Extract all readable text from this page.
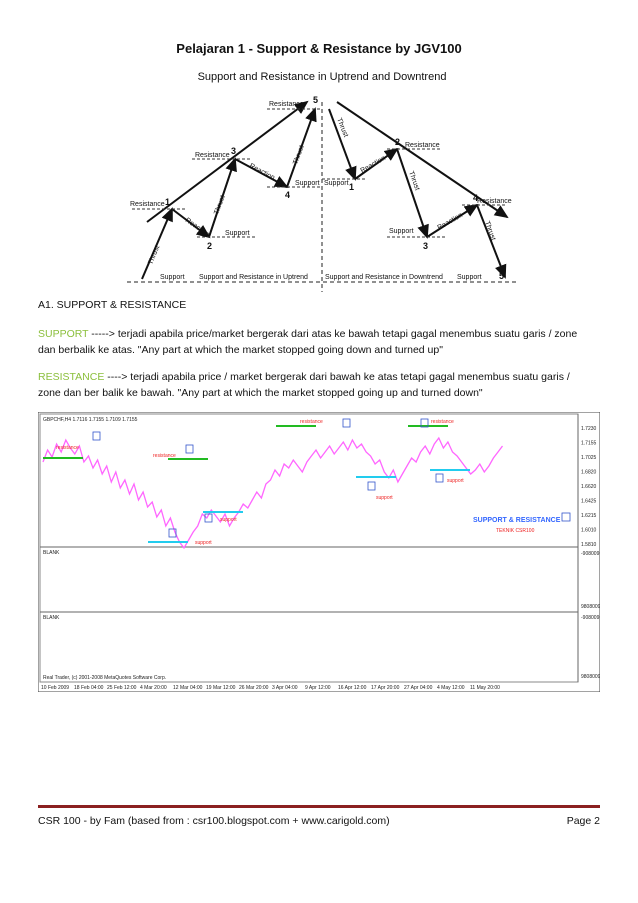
Pelajaran 1 - Support & Resistance by JGV100
Support and Resistance in Uptrend and Downtrend
Resistance
Resistance
Resistance
Support
Support
Support
Resistance
Support
Support
Resistance
Support
Support and Resistance in Uptrend Support and Resistance in Downtrend
Reaction
Reaction	Reaction
Reaction
Thrust
Thrust
Thrust
Thrust
Thrust
Thrust
1
2
3
4
5
1
2
3
4
5
A1. SUPPORT & RESISTANCE
SUPPORT -----> terjadi apabila price/market bergerak dari atas ke bawah tetapi gagal menembus suatu garis / zone
dan berbalik ke atas. "Any part at which the market stopped going down and turned up"
RESISTANCE ----> terjadi apabila price / market bergerak dari bawah ke atas tetapi gagal menembus suatu garis /
zone dan ber balik ke bawah. "Any part at which the market stopped going up and turned down"
GBPCHF,H4 1.7116 1.7155 1.7109 1.7155
BLANK
BLANK
Real Trader, (c) 2001-2008 MetaQuotes Software Corp.
1.7230
1.7155
1.7025
1.6820
1.6620
1.6425
1.6215
1.6010
1.5810
-908009
9808009
-908009
9808009
10 Feb 2009 18 Feb 04:00 25 Feb 12:00 4 Mar 20:00 12 Mar 04:00 19 Mar 12:00 26 Mar 20:00 3 Apr 04:00 9 Apr 12:00 16 Apr 12:00 17 Apr 20:00 27 Apr 04:00 4 May 12:00 11 May 20:00
resistance
resistance
resistance	resistance
support
support
support
support
SUPPORT & RESISTANCE
TEKNIK CSR100
CSR 100 - by Fam (based from : csr100.blogspot.com + www.carigold.com)	Page 2
